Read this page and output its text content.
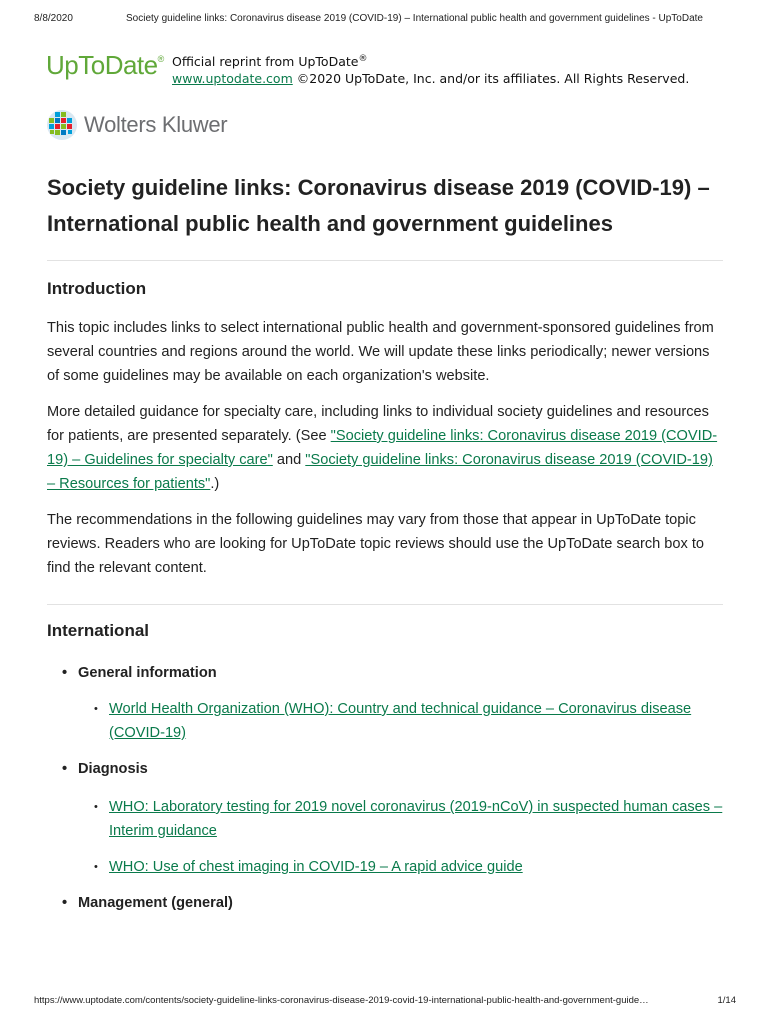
8/8/2020	Society guideline links: Coronavirus disease 2019 (COVID-19) – International public health and government guidelines - UpToDate
UpToDate® Official reprint from UpToDate®
www.uptodate.com ©2020 UpToDate, Inc. and/or its affiliates. All Rights Reserved.
Wolters Kluwer
Society guideline links: Coronavirus disease 2019 (COVID-19) – International public health and government guidelines
Introduction

This topic includes links to select international public health and government-sponsored guidelines from several countries and regions around the world. We will update these links periodically; newer versions of some guidelines may be available on each organization's website.

More detailed guidance for specialty care, including links to individual society guidelines and resources for patients, are presented separately. (See "Society guideline links: Coronavirus disease 2019 (COVID-19) – Guidelines for specialty care" and "Society guideline links: Coronavirus disease 2019 (COVID-19) – Resources for patients".)

The recommendations in the following guidelines may vary from those that appear in UpToDate topic reviews. Readers who are looking for UpToDate topic reviews should use the UpToDate search box to find the relevant content.

International
• General information
• World Health Organization (WHO): Country and technical guidance – Coronavirus disease (COVID-19)
• Diagnosis
• WHO: Laboratory testing for 2019 novel coronavirus (2019-nCoV) in suspected human cases – Interim guidance
• WHO: Use of chest imaging in COVID-19 – A rapid advice guide
• Management (general)
https://www.uptodate.com/contents/society-guideline-links-coronavirus-disease-2019-covid-19-international-public-health-and-government-guide…	1/14
